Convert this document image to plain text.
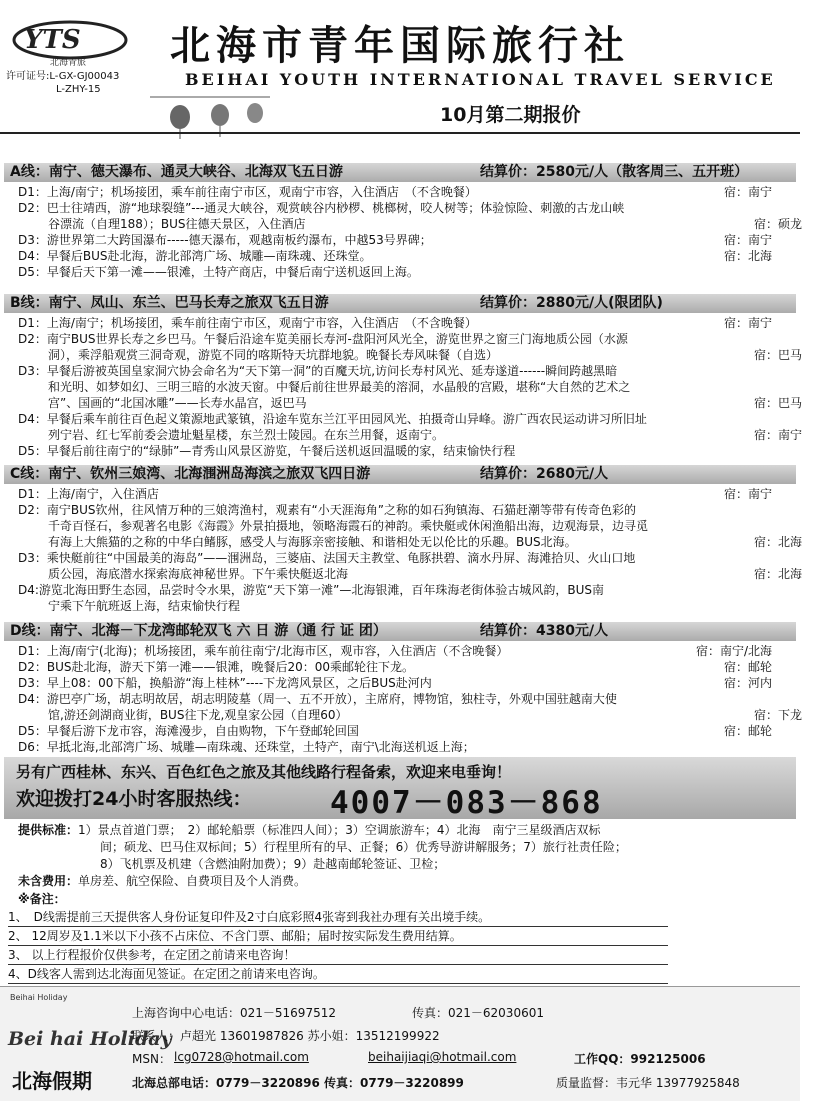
YTS
北海青旅 北海市青年国际旅行社
BEIHAI YOUTH INTERNATIONAL TRAVEL SERVICE
许可证号:L-GX-GJ00043
L-ZHY-15
10月第二期报价
A线：南宁、德天瀑布、通灵大峡谷、北海双飞五日游	结算价：2580元/人（散客周三、五开班）
D1：上海/南宁；机场接团，乘车前往南宁市区，观南宁市容，入住酒店　（不含晚餐）	宿：南宁
D2：巴士往靖西，游“地球裂缝”---通灵大峡谷，观赏峡谷内桫椤、桃榔树，咬人树等；体验惊险、刺激的古龙山峡
谷漂流（自理188）；BUS往德天景区，入住酒店	宿：硕龙
D3：游世界第二大跨国瀑布-----德天瀑布，观越南板约瀑布，中越53号界碑；	宿：南宁
D4：早餐后BUS赴北海，游北部湾广场、城雕—南珠魂、还珠堂。	宿：北海
D5：早餐后天下第一滩——银滩，土特产商店，中餐后南宁送机返回上海。
B线：南宁、凤山、东兰、巴马长寿之旅双飞五日游	结算价：2880元/人(限团队)
D1：上海/南宁；机场接团，乘车前往南宁市区，观南宁市容，入住酒店　（不含晚餐）	宿：南宁
D2：南宁BUS世界长寿之乡巴马。午餐后沿途车览美丽长寿河-盘阳河风光全，游览世界之窗三门海地质公园（水源
洞），乘浮船观赏三洞奇观，游览不同的喀斯特天坑群地貌。晚餐长寿风味餐（自选）	宿：巴马
D3：早餐后游被英国皇家洞穴协会命名为“天下第一洞”的百魔天坑,访问长寿村风光、延寿遂道------瞬间跨越黑暗
和光明、如梦如幻、三明三暗的水波天窗。中餐后前往世界最美的溶洞，水晶般的宫殿，堪称“大自然的艺术之
宫”、国画的“北国冰雕”——长寿水晶宫，返巴马	宿：巴马
D4：早餐后乘车前往百色起义策源地武篆镇，沿途车览东兰江平田园风光、拍摄奇山异峰。游广西农民运动讲习所旧址
列宁岩、红七军前委会遗址魁星楼，东兰烈士陵园。在东兰用餐，返南宁。	宿：南宁
D5：早餐后前往南宁的“绿肺”—青秀山风景区游览，午餐后送机返回温暖的家，结束愉快行程
C线：南宁、钦州三娘湾、北海涠洲岛海滨之旅双飞四日游	结算价：2680元/人
D1：上海/南宁，入住酒店	宿：南宁
D2：南宁BUS钦州，往风情万种的三娘湾渔村，观素有“小天涯海角”之称的如石狗镇海、石猫赶潮等带有传奇色彩的
千奇百怪石，参观著名电影《海霞》外景拍摄地，领略海霞石的神韵。乘快艇或休闲渔船出海，边观海景，边寻觅
有海上大熊猫的之称的中华白鳍豚，感受人与海豚亲密接触、和谐相处无以伦比的乐趣。BUS北海。	宿：北海
D3：乘快艇前往“中国最美的海岛”——涠洲岛，三婆庙、法国天主教堂、龟豚拱碧、滴水丹屏、海滩拾贝、火山口地
质公园，海底潜水探索海底神秘世界。下午乘快艇返北海	宿：北海
D4:游览北海田野生态园，品尝时令水果，游览“天下第一滩”—北海银滩，百年珠海老街体验古城风韵，BUS南
宁乘下午航班返上海，结束愉快行程
D线：南宁、北海－下龙湾邮轮双飞 六 日 游（通 行 证 团）	结算价：4380元/人
D1：上海/南宁(北海)；机场接团，乘车前往南宁/北海市区，观市容，入住酒店（不含晚餐）	宿：南宁/北海
D2：BUS赴北海，游天下第一滩——银滩，晚餐后20：00乘邮轮往下龙。	宿：邮轮
D3：早上08：00下船，换船游“海上桂林”----下龙湾风景区，之后BUS赴河内	宿：河内
D4：游巴亭广场，胡志明故居，胡志明陵墓（周一、五不开放），主席府，博物馆，独柱寺，外观中国驻越南大使
馆,游还剑湖商业街，BUS往下龙,观皇家公园（自理60）	宿：下龙
D5：早餐后游下龙市容，海滩漫步，自由购物，下午登邮轮回国	宿：邮轮
D6：早抵北海,北部湾广场、城雕—南珠魂、还珠堂，土特产，南宁\北海送机返上海；
另有广西桂林、东兴、百色红色之旅及其他线路行程备索，欢迎来电垂询！
欢迎拨打24小时客服热线：	4007－083－868
提供标准：1）景点首道门票；　2）邮轮船票（标准四人间）；3）空调旅游车；4）北海　南宁三星级酒店双标
间；硕龙、巴马住双标间；5）行程里所有的早、正餐；6）优秀导游讲解服务；7）旅行社责任险；
8）飞机票及机建（含燃油附加费）；9）赴越南邮轮签证、卫检；
未含费用：单房差、航空保险、自费项目及个人消费。
※备注：
1、　D线需提前三天提供客人身份证复印件及2寸白底彩照4张寄到我社办理有关出境手续。
2、 12周岁及1.1米以下小孩不占床位、不含门票、邮船；届时按实际发生费用结算。
3、 以上行程报价仅供参考，在定团之前请来电咨询！
4、D线客人需到达北海面见签证。在定团之前请来电咨询。
Beihai Holiday
Bei hai Holiday
北海假期
上海咨询中心电话：021－51697512	传真：021－62030601
联系人：卢超光 13601987826 苏小姐：13512199922
MSN： lcg0728@hotmail.com	beihaijiaqi@hotmail.com	工作QQ：992125006
北海总部电话：0779－3220896 传真：0779－3220899	质量监督：韦元华 13977925848
